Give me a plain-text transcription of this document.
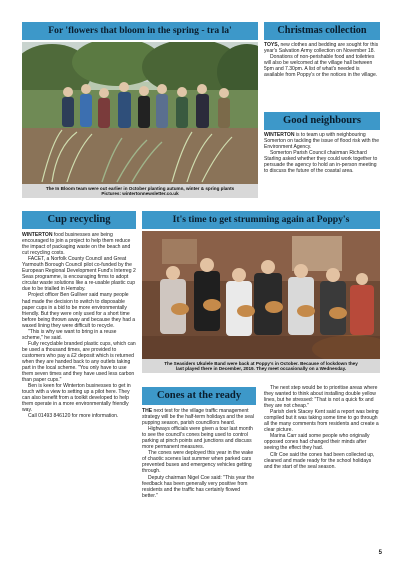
For 'flowers that bloom in the spring - tra la'
The In Bloom team were out earlier in October planting autumn, winter & spring plants
Pictures: wintertonnewsletter.co.uk
Christmas collection

TOYS, new clothes and bedding are sought for this year's Salvation Army collection on November 18.

Donations of non-perishable food and toiletries will also be welcomed at the village hall between 5pm and 7.30pm. A list of what's needed is available from Poppy's or the notices in the village.

Good neighbours

WINTERTON is to team up with neighbouring Somerton on tackling the issue of flood risk with the Environment Agency.

Somerton Parish Council chairman Richard Starling asked whether they could work together to persuade the agency to hold an in-person meeting to discuss the future of the coastal area.

Cup recycling

WINTERTON food businesses are being encouraged to join a project to help them reduce the impact of packaging waste on the beach and cut recycling costs.

FACET, a Norfolk County Council and Great Yarmouth Borough Council pilot co-funded by the European Regional Development Fund's Interreg 2 Seas programme, is encouraging firms to adopt circular waste solutions like a re-usable plastic cup due to be trialled in Hemsby.

Project officer Ben Gulliver said many people had made the decision to switch to disposable paper cups in a bid to be more environmentally friendly. But they were only used for a short time before being thrown away and because they had a waxed lining they were difficult to recycle.

"This is why we want to bring in a reuse scheme," he said.

Fully recyclable branded plastic cups, which can be used a thousand times, are provided to customers who pay a £2 deposit which is returned when they are handed back to any outlets taking part in the local scheme. "You only have to use them seven times and they have used less carbon than paper cups."

Ben is keen for Winterton businesses to get in touch with a view to setting up a pilot here. They can also benefit from a toolkit developed to help them operate in a more environmentally friendly way.

Call 01493 846120 for more information.

It's time to get strumming again at Poppy's
The Seasiders Ukulele Band were back at Poppy's in October. Because of lockdown they
last played there in December, 2019. They meet occasionally on a Wednesday.
Cones at the ready

THE next test for the village traffic management strategy will be the half-term holidays and the seal pupping season, parish councillors heard.

Highways officials were given a tour last month to see the council's cones being used to control parking at pinch points and junctions and discuss more permanent measures.

The cones were deployed this year in the wake of chaotic scenes last summer when parked cars prevented buses and emergency vehicles getting through.

Deputy chairman Nigel Coe said: "This year the feedback has been generally very positive from residents and the traffic has certainly flowed better."

The next step would be to prioritise areas where they wanted to think about installing double yellow lines, but he stressed: "That is not a quick fix and they are not cheap."

Parish clerk Stacey Kent said a report was being compiled but it was taking some time to go through all the many comments from residents and create a clear picture.

Marina Carr said some people who originally opposed cones had changed their minds after seeing the effect they had.

Cllr Coe said the cones had been collected up, cleaned and made ready for the school holidays and the start of the seal season.

5
